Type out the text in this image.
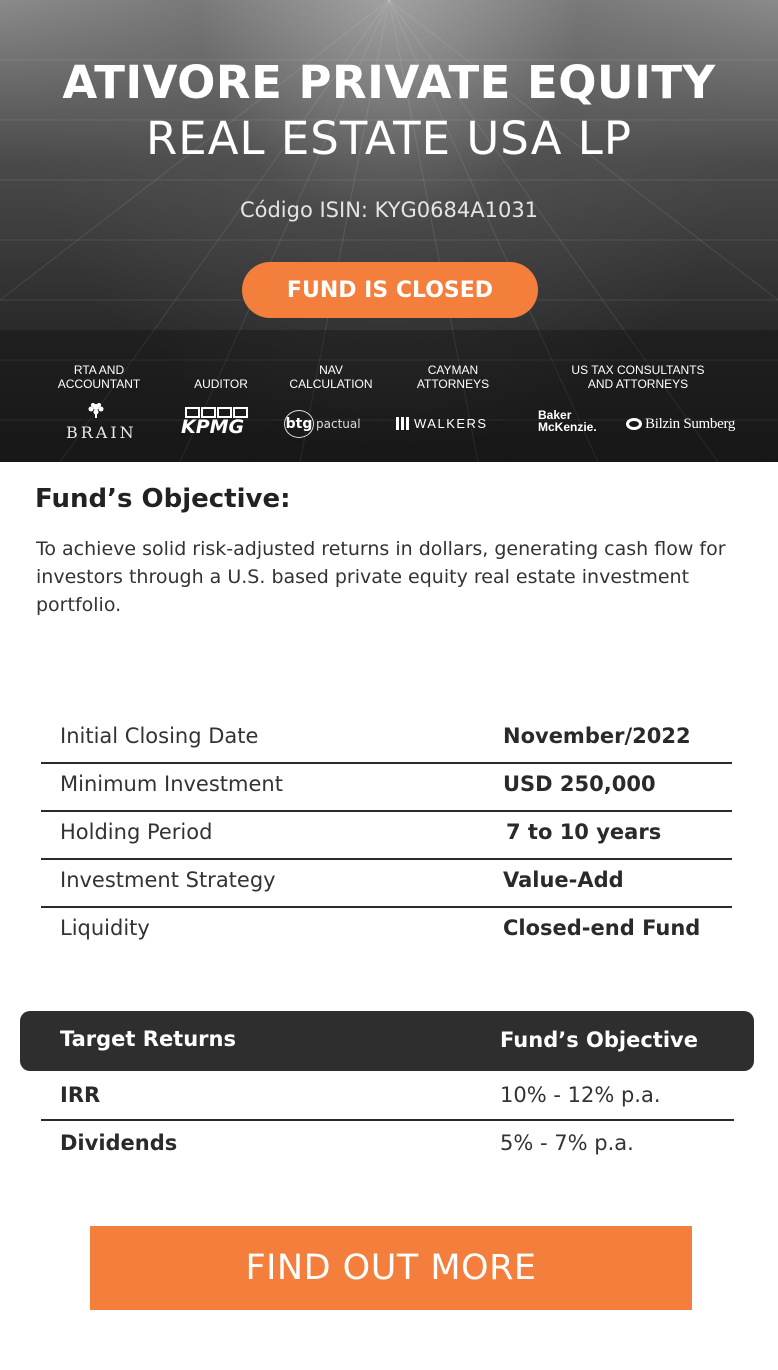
ATIVORE PRIVATE EQUITY
REAL ESTATE USA LP
Código ISIN: KYG0684A1031
FUND IS CLOSED
RTA AND
ACCOUNTANT	AUDITOR
NAV
CALCULATION
CAYMAN
ATTORNEYS
US TAX CONSULTANTS
AND ATTORNEYS
BRAIN KPMG	btg pactual	WALKERS
Baker
McKenzie.	Bilzin Sumberg
Fund’s Objective:
To achieve solid risk-adjusted returns in dollars, generating cash flow for investors through a U.S. based private equity real estate investment portfolio.
Initial Closing Date	November/2022
Minimum Investment	USD 250,000
Holding Period	7 to 10 years
Investment Strategy	Value-Add
Liquidity	Closed-end Fund
Target Returns	Fund’s Objective
IRR	10% - 12% p.a.
Dividends	5% - 7% p.a.
FIND OUT MORE
